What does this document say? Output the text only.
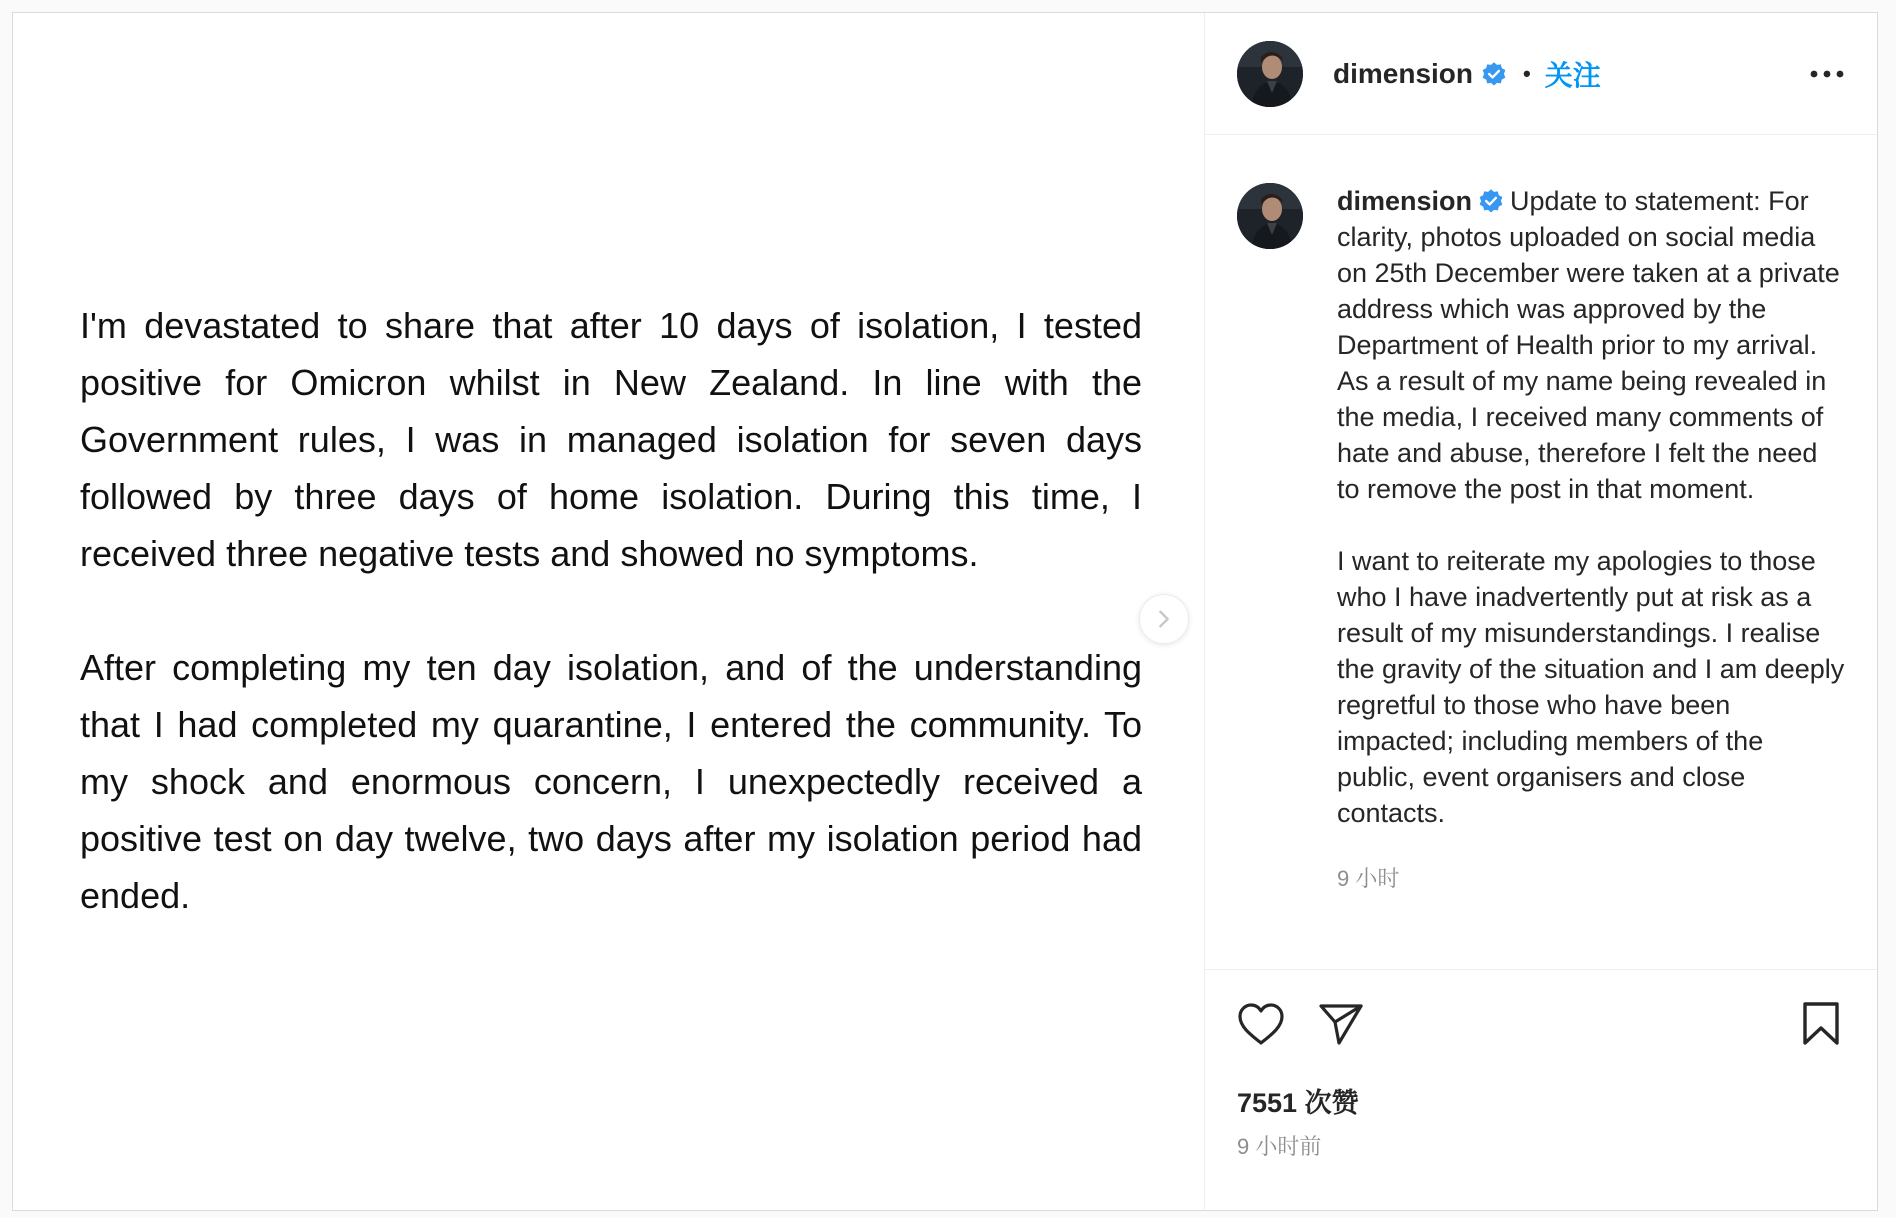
I'm devastated to share that after 10 days of isolation, I tested positive for Omicron whilst in New Zealand. In line with the Government rules, I was in managed isolation for seven days followed by three days of home isolation. During this time, I received three negative tests and showed no symptoms.

After completing my ten day isolation, and of the understanding that I had completed my quarantine, I entered the community. To my shock and enormous concern, I unexpectedly received a positive test on day twelve, two days after my isolation period had ended.

dimension • 关注
dimension Update to statement: For clarity, photos uploaded on social media on 25th December were taken at a private address which was approved by the Department of Health prior to my arrival. As a result of my name being revealed in the media, I received many comments of hate and abuse, therefore I felt the need to remove the post in that moment.
I want to reiterate my apologies to those who I have inadvertently put at risk as a result of my misunderstandings. I realise the gravity of the situation and I am deeply regretful to those who have been impacted; including members of the public, event organisers and close contacts.
9 小时
7551 次赞
9 小时前
